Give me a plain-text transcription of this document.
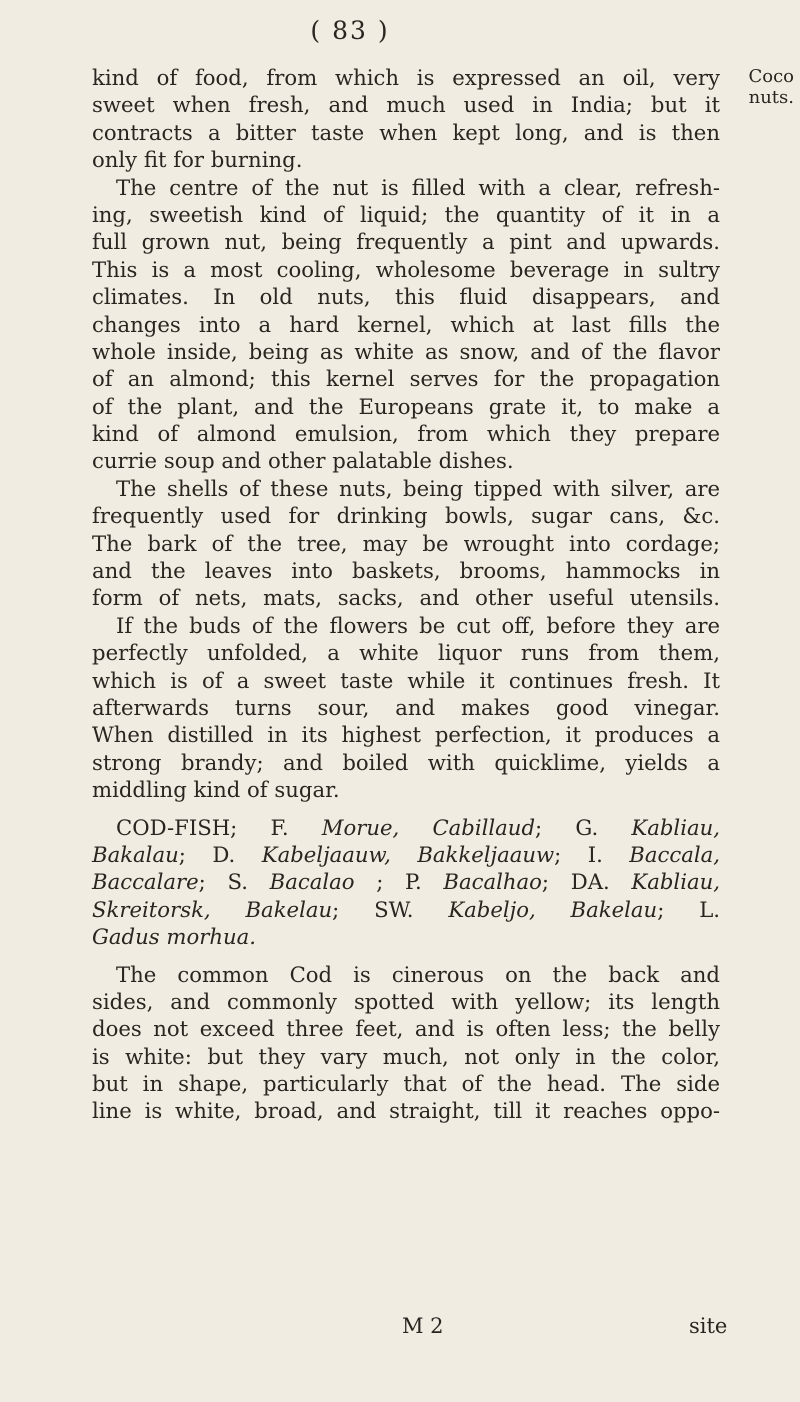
( 83 )
Coco
nuts.
kind of food, from which is expressed an oil, very
sweet when fresh, and much used in India; but it
contracts a bitter taste when kept long, and is then
only fit for burning.
The centre of the nut is filled with a clear, refresh-
ing, sweetish kind of liquid; the quantity of it in a
full grown nut, being frequently a pint and upwards.
This is a most cooling, wholesome beverage in sultry
climates. In old nuts, this fluid disappears, and
changes into a hard kernel, which at last fills the
whole inside, being as white as snow, and of the flavor
of an almond; this kernel serves for the propagation
of the plant, and the Europeans grate it, to make a
kind of almond emulsion, from which they prepare
currie soup and other palatable dishes.
The shells of these nuts, being tipped with silver, are
frequently used for drinking bowls, sugar cans, &c.
The bark of the tree, may be wrought into cordage;
and the leaves into baskets, brooms, hammocks in
form of nets, mats, sacks, and other useful utensils.
If the buds of the flowers be cut off, before they are
perfectly unfolded, a white liquor runs from them,
which is of a sweet taste while it continues fresh. It
afterwards turns sour, and makes good vinegar.
When distilled in its highest perfection, it produces a
strong brandy; and boiled with quicklime, yields a
middling kind of sugar.
COD-FISH; F. Morue, Cabillaud; G. Kabliau,
Bakalau; D. Kabeljaauw, Bakkeljaauw; I. Baccala,
Baccalare; S. Bacalao ; P. Bacalhao; DA. Kabliau,
Skreitorsk, Bakelau; SW. Kabeljo, Bakelau; L.
Gadus morhua.
The common Cod is cinerous on the back and
sides, and commonly spotted with yellow; its length
does not exceed three feet, and is often less; the belly
is white: but they vary much, not only in the color,
but in shape, particularly that of the head. The side
line is white, broad, and straight, till it reaches oppo-
M 2	site
